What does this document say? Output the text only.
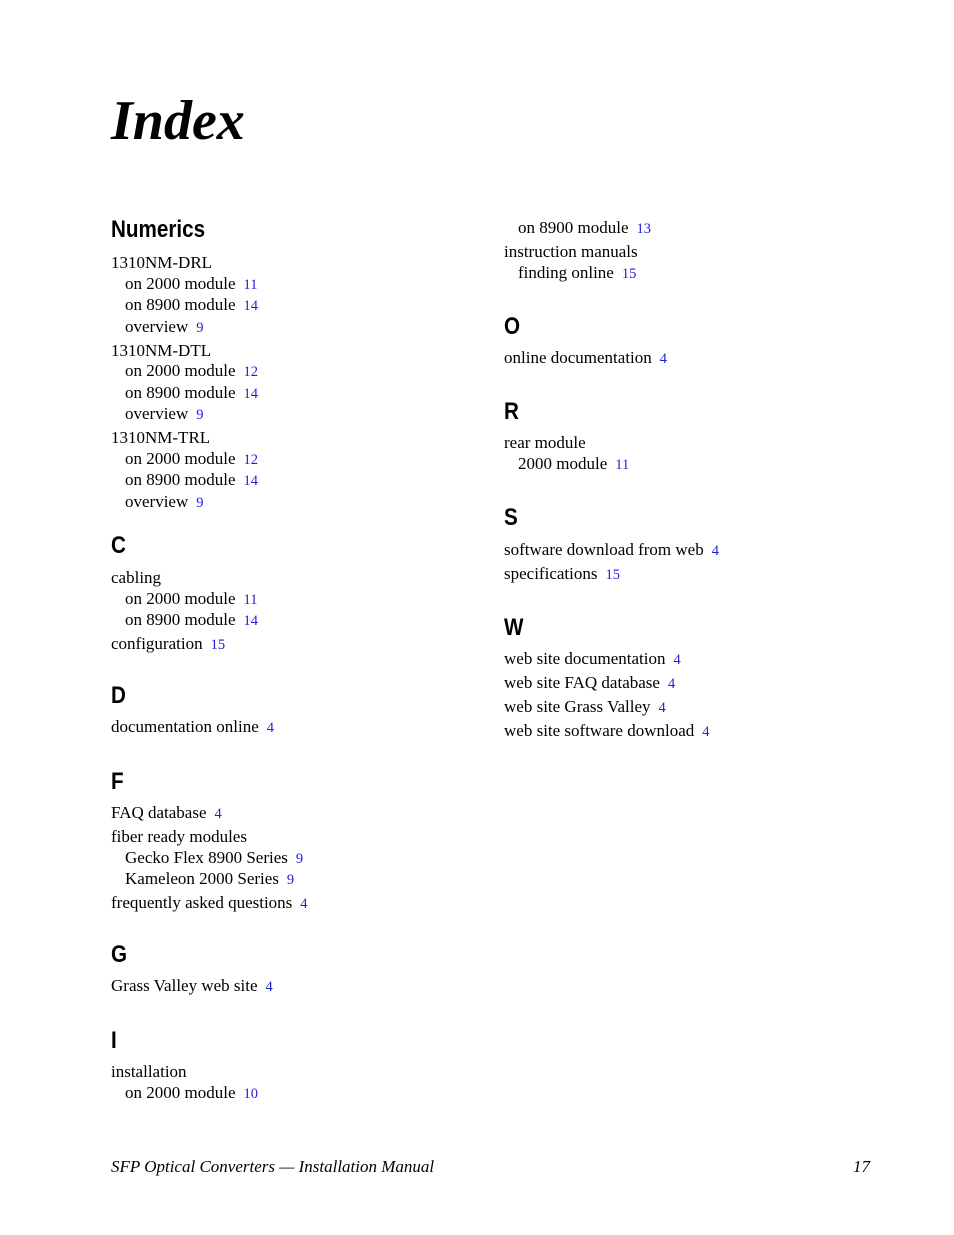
Index
Numerics
1310NM-DRL
on 2000 module 11
on 8900 module 14
overview 9
1310NM-DTL
on 2000 module 12
on 8900 module 14
overview 9
1310NM-TRL
on 2000 module 12
on 8900 module 14
overview 9
C
cabling
on 2000 module 11
on 8900 module 14
configuration 15
D
documentation online 4
F
FAQ database 4
fiber ready modules
Gecko Flex 8900 Series 9
Kameleon 2000 Series 9
frequently asked questions 4
G
Grass Valley web site 4
I
installation
on 2000 module 10
on 8900 module 13
instruction manuals
finding online 15
O
online documentation 4
R
rear module
2000 module 11
S
software download from web 4
specifications 15
W
web site documentation 4
web site FAQ database 4
web site Grass Valley 4
web site software download 4
SFP Optical Converters — Installation Manual	17
